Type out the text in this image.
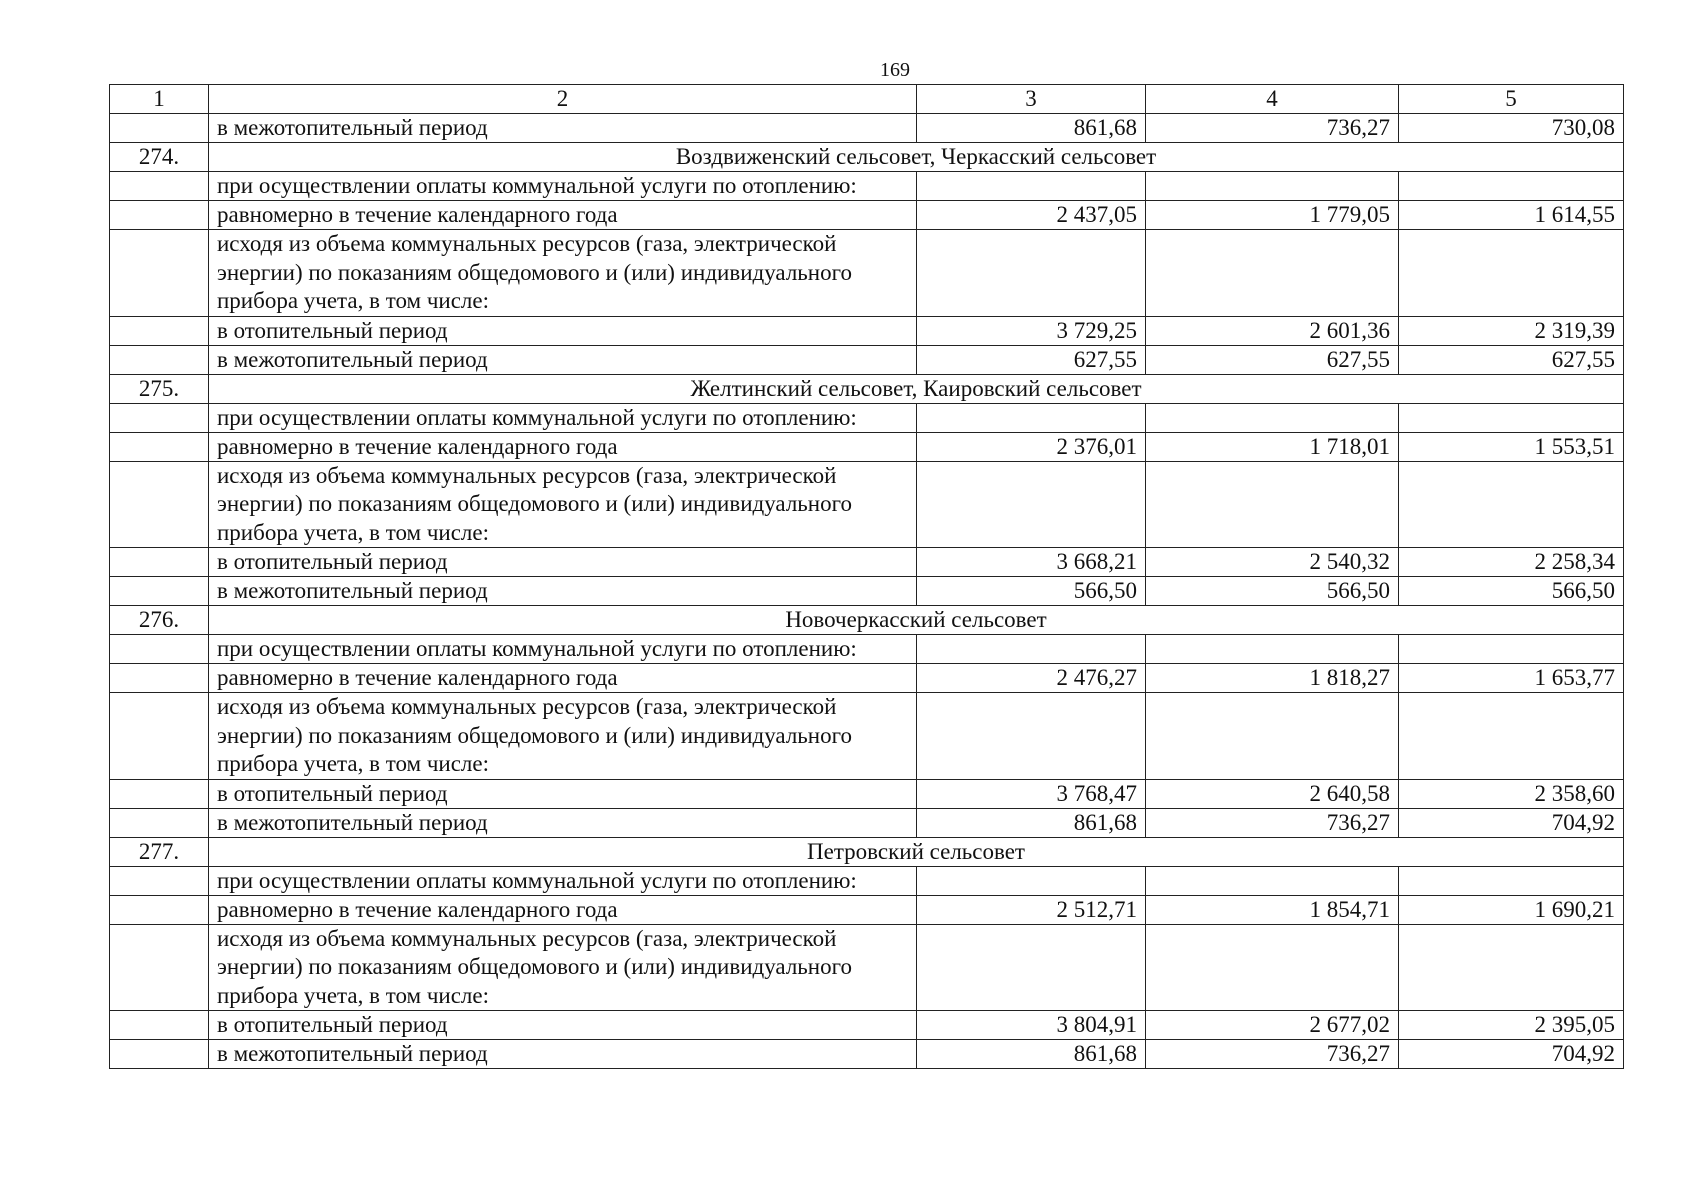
169
1	2	3	4	5
	в межотопительный период	861,68	736,27	730,08
274.	Воздвиженский сельсовет, Черкасский сельсовет			
	при осуществлении оплаты коммунальной услуги по отоплению:			
	равномерно в течение календарного года	2 437,05	1 779,05	1 614,55
	исходя из объема коммунальных ресурсов (газа, электрической энергии) по показаниям общедомового и (или) индивидуального прибора учета, в том числе:			
	в отопительный период	3 729,25	2 601,36	2 319,39
	в межотопительный период	627,55	627,55	627,55
275.	Желтинский сельсовет, Каировский сельсовет			
	при осуществлении оплаты коммунальной услуги по отоплению:			
	равномерно в течение календарного года	2 376,01	1 718,01	1 553,51
	исходя из объема коммунальных ресурсов (газа, электрической энергии) по показаниям общедомового и (или) индивидуального прибора учета, в том числе:			
	в отопительный период	3 668,21	2 540,32	2 258,34
	в межотопительный период	566,50	566,50	566,50
276.	Новочеркасский сельсовет			
	при осуществлении оплаты коммунальной услуги по отоплению:			
	равномерно в течение календарного года	2 476,27	1 818,27	1 653,77
	исходя из объема коммунальных ресурсов (газа, электрической энергии) по показаниям общедомового и (или) индивидуального прибора учета, в том числе:			
	в отопительный период	3 768,47	2 640,58	2 358,60
	в межотопительный период	861,68	736,27	704,92
277.	Петровский сельсовет			
	при осуществлении оплаты коммунальной услуги по отоплению:			
	равномерно в течение календарного года	2 512,71	1 854,71	1 690,21
	исходя из объема коммунальных ресурсов (газа, электрической энергии) по показаниям общедомового и (или) индивидуального прибора учета, в том числе:			
	в отопительный период	3 804,91	2 677,02	2 395,05
	в межотопительный период	861,68	736,27	704,92
